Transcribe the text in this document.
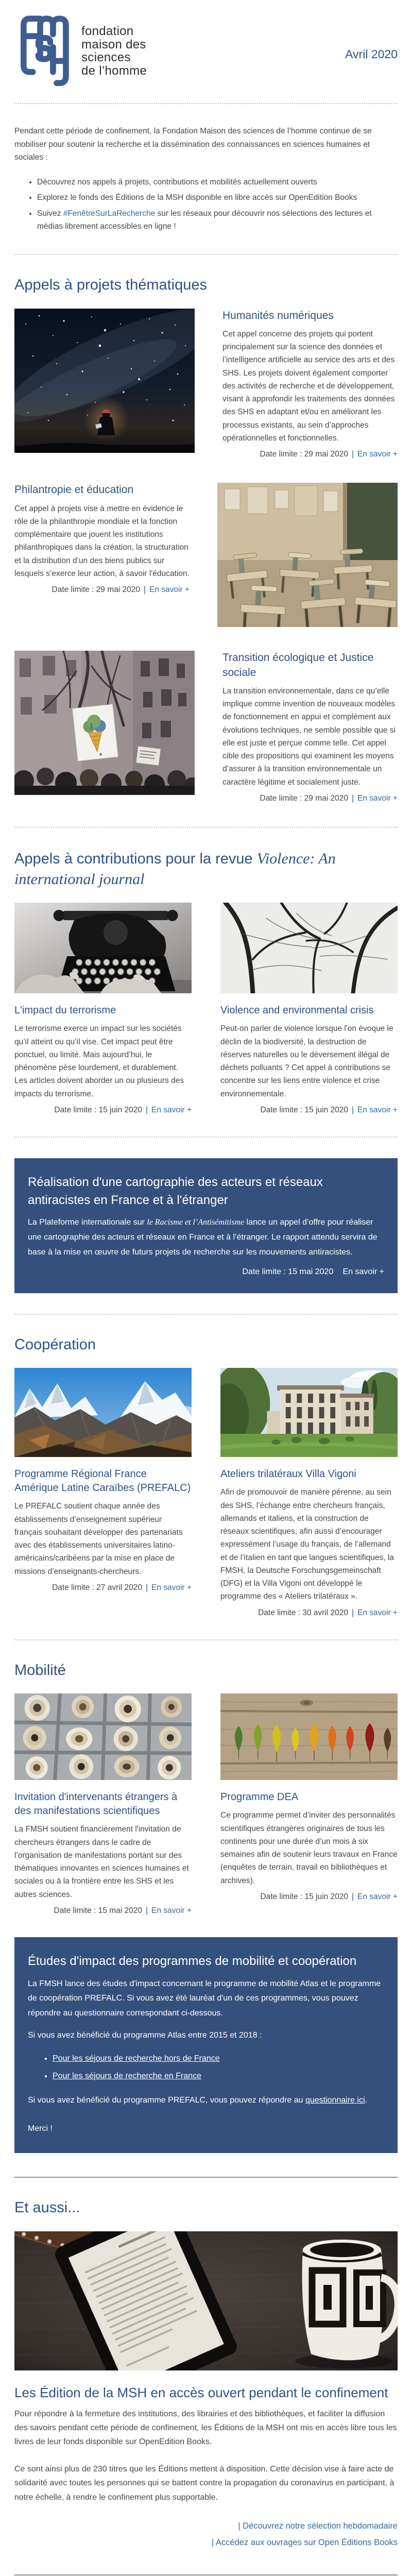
fondation
maison des
sciences
de l’homme
Avril 2020

Pendant cette période de confinement, la Fondation Maison des sciences de l’homme continue de se mobiliser pour soutenir la recherche et la dissémination des connaissances en sciences humaines et sociales :

• Découvrez nos appels à projets, contributions et mobilités actuellement ouverts
• Explorez le fonds des Éditions de la MSH disponible en libre accès sur OpenEdition Books
• Suivez #FenêtreSurLaRecherche sur les réseaux pour découvrir nos sélections des lectures et médias librement accessibles en ligne !
Appels à projets thématiques
Humanités numériques

Cet appel concerne des projets qui portent principalement sur la science des données et l’intelligence artificielle au service des arts et des SHS. Les projets doivent également comporter des activités de recherche et de développement, visant à approfondir les traitements des données des SHS en adaptant et/ou en améliorant les processus existants, au sein d’approches opérationnelles et fonctionnelles.

Date limite : 29 mai 2020 | En savoir +
Philantropie et éducation

Cet appel à projets vise à mettre en évidence le rôle de la philanthropie mondiale et la fonction complémentaire que jouent les institutions philanthropiques dans la création, la structuration et la distribution d’un des biens publics sur lesquels s’exerce leur action, à savoir l'éducation.

Date limite : 29 mai 2020 | En savoir +
Transition écologique et Justice sociale

La transition environnementale, dans ce qu’elle implique comme invention de nouveaux modèles de fonctionnement en appui et complément aux évolutions techniques, ne semble possible que si elle est juste et perçue comme telle. Cet appel cible des propositions qui examinent les moyens d’assurer à la transition environnementale un caractère légitime et socialement juste.

Date limite : 29 mai 2020 | En savoir +
Appels à contributions pour la revue Violence: An international journal
L'impact du terrorisme

Le terrorisme exerce un impact sur les sociétés qu’il atteint ou qu’il vise. Cet impact peut être ponctuel, ou limité. Mais aujourd’hui, le phénomène pèse lourdement, et durablement. Les articles doivent aborder un ou plusieurs des impacts du terrorisme.

Date limite : 15 juin 2020 | En savoir +
Violence and environmental crisis

Peut-on parler de violence lorsque l'on évoque le déclin de la biodiversité, la destruction de réserves naturelles ou le déversement illégal de déchets polluants ? Cet appel à contributions se concentre sur les liens entre violence et crise environnementale.

Date limite : 15 juin 2020 | En savoir +
Réalisation d'une cartographie des acteurs et réseaux antiracistes en France et à l'étranger

La Plateforme internationale sur le Racisme et l’Antisémitisme lance un appel d’offre pour réaliser une cartographie des acteurs et réseaux en France et à l’étranger. Le rapport attendu servira de base à la mise en œuvre de futurs projets de recherche sur les mouvements antiracistes.

Date limite : 15 mai 2020 | En savoir +
Coopération
Programme Régional France Amérique Latine Caraïbes (PREFALC)

Le PREFALC soutient chaque année des établissements d’enseignement supérieur français souhaitant développer des partenariats avec des établissements universitaires latino-américains/caribéens par la mise en place de missions d’enseignants-chercheurs.

Date limite : 27 avril 2020 | En savoir +
Ateliers trilatéraux Villa Vigoni

Afin de promouvoir de manière pérenne, au sein des SHS, l’échange entre chercheurs français, allemands et italiens, et la construction de réseaux scientifiques, afin aussi d’encourager expressément l’usage du français, de l’allemand et de l’italien en tant que langues scientifiques, la FMSH, la Deutsche Forschungsgemeinschaft (DFG) et la Villa Vigoni ont développé le programme des « Ateliers trilatéraux ».

Date limite : 30 avril 2020 | En savoir +
Mobilité
Invitation d'intervenants étrangers à des manifestations scientifiques

La FMSH soutient financièrement l'invitation de chercheurs étrangers dans le cadre de l’organisation de manifestations portant sur des thématiques innovantes en sciences humaines et sociales ou à la frontière entre les SHS et les autres sciences.

Date limite : 15 mai 2020 | En savoir +
Programme DEA

Ce programme permet d’inviter des personnalités scientifiques étrangères originaires de tous les continents pour une durée d’un mois à six semaines afin de soutenir leurs travaux en France (enquêtes de terrain, travail en bibliothèques et archives).

Date limite : 15 juin 2020 | En savoir +
Études d'impact des programmes de mobilité et coopération

La FMSH lance des études d'impact concernant le programme de mobilité Atlas et le programme de coopération PREFALC. Si vous avez été lauréat d'un de ces programmes, vous pouvez répondre au questionnaire correspondant ci-dessous.

Si vous avez bénéficié du programme Atlas entre 2015 et 2018 :

• Pour les séjours de recherche hors de France
• Pour les séjours de recherche en France

Si vous avez bénéficié du programme PREFALC, vous pouvez répondre au questionnaire ici.

Merci !

Et aussi...
Les Édition de la MSH en accès ouvert pendant le confinement

Pour répondre à la fermeture des institutions, des librairies et des bibliothèques, et faciliter la diffusion des savoirs pendant cette période de confinement, les Éditions de la MSH ont mis en accès libre tous les livres de leur fonds disponible sur OpenEdition Books.

Ce sont ainsi plus de 230 titres que les Éditions mettent à disposition. Cette décision vise à faire acte de solidarité avec toutes les personnes qui se battent contre la propagation du coronavirus en participant, à notre échelle, à rendre le confinement plus supportable.

| Découvrez notre sélection hebdomadaire
| Accédez aux ouvrages sur Open Éditions Books
